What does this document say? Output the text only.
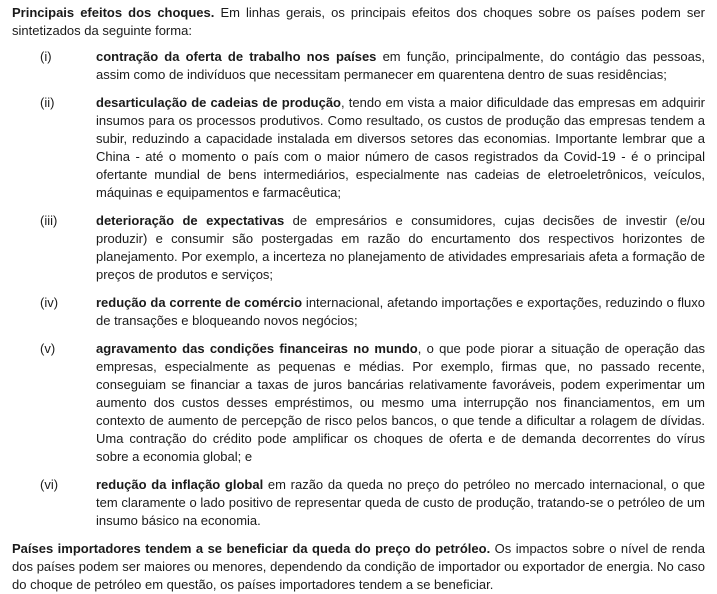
Principais efeitos dos choques. Em linhas gerais, os principais efeitos dos choques sobre os países podem ser sintetizados da seguinte forma:

(i)	contração da oferta de trabalho nos países em função, principalmente, do contágio das pessoas, assim como de indivíduos que necessitam permanecer em quarentena dentro de suas residências;
(ii)	desarticulação de cadeias de produção, tendo em vista a maior dificuldade das empresas em adquirir insumos para os processos produtivos. Como resultado, os custos de produção das empresas tendem a subir, reduzindo a capacidade instalada em diversos setores das economias. Importante lembrar que a China - até o momento o país com o maior número de casos registrados da Covid-19 - é o principal ofertante mundial de bens intermediários, especialmente nas cadeias de eletroeletrônicos, veículos, máquinas e equipamentos e farmacêutica;
(iii)	deterioração de expectativas de empresários e consumidores, cujas decisões de investir (e/ou produzir) e consumir são postergadas em razão do encurtamento dos respectivos horizontes de planejamento. Por exemplo, a incerteza no planejamento de atividades empresariais afeta a formação de preços de produtos e serviços;
(iv)	redução da corrente de comércio internacional, afetando importações e exportações, reduzindo o fluxo de transações e bloqueando novos negócios;
(v)	agravamento das condições financeiras no mundo, o que pode piorar a situação de operação das empresas, especialmente as pequenas e médias. Por exemplo, firmas que, no passado recente, conseguiam se financiar a taxas de juros bancárias relativamente favoráveis, podem experimentar um aumento dos custos desses empréstimos, ou mesmo uma interrupção nos financiamentos, em um contexto de aumento de percepção de risco pelos bancos, o que tende a dificultar a rolagem de dívidas. Uma contração do crédito pode amplificar os choques de oferta e de demanda decorrentes do vírus sobre a economia global; e
(vi)	redução da inflação global em razão da queda no preço do petróleo no mercado internacional, o que tem claramente o lado positivo de representar queda de custo de produção, tratando-se o petróleo de um insumo básico na economia.

Países importadores tendem a se beneficiar da queda do preço do petróleo. Os impactos sobre o nível de renda dos países podem ser maiores ou menores, dependendo da condição de importador ou exportador de energia. No caso do choque de petróleo em questão, os países importadores tendem a se beneficiar.
